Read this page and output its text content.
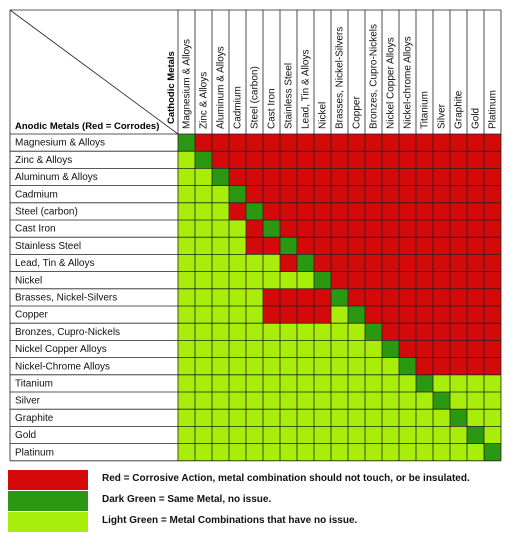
Cathodic Metals
Anodic Metals (Red = Corrodes)
Magnesium & Alloys
Zinc & Alloys
Aluminum & Alloys
Cadmium
Steel (carbon)
Cast Iron
Stainless Steel
Lead, Tin & Alloys
Nickel
Brasses, Nickel-Silvers
Copper
Bronzes, Cupro-Nickels
Nickel Copper Alloys
Nickel-Chrome Alloys
Titanium
Silver
Graphite
Gold
Platinum
Magnesium & Alloys Zinc & Alloys Aluminum & Alloys Cadmium Steel (carbon) Cast Iron Stainless Steel Lead, Tin & Alloys Nickel Brasses, Nickel-Silvers Copper Bronzes, Cupro-Nickels Nickel Copper Alloys Nickel-chrome Alloys Titanium Silver Graphite Gold Platinum
Red = Corrosive Action, metal combination should not touch, or be insulated.
Dark Green = Same Metal, no issue.
Light Green = Metal Combinations that have no issue.
